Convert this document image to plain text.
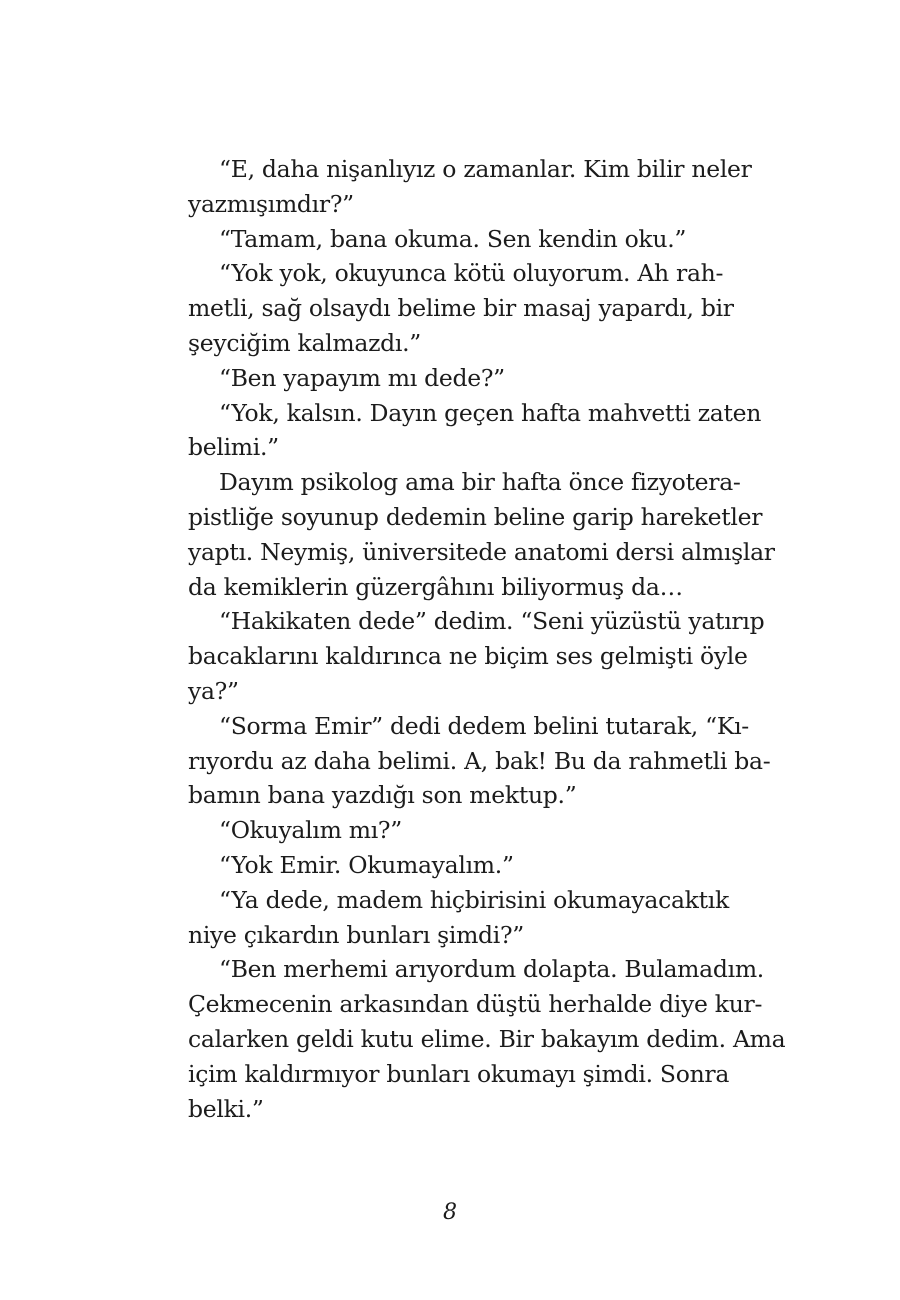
“E, daha nişanlıyız o zamanlar. Kim bilir neler
yazmışımdır?”
“Tamam, bana okuma. Sen kendin oku.”
“Yok yok, okuyunca kötü oluyorum. Ah rah-
metli, sağ olsaydı belime bir masaj yapardı, bir
şeyciğim kalmazdı.”
“Ben yapayım mı dede?”
“Yok, kalsın. Dayın geçen hafta mahvetti zaten
belimi.”
Dayım psikolog ama bir hafta önce fizyotera-
pistliğe soyunup dedemin beline garip hareketler
yaptı. Neymiş, üniversitede anatomi dersi almışlar
da kemiklerin güzergâhını biliyormuş da…
“Hakikaten dede” dedim. “Seni yüzüstü yatırıp
bacaklarını kaldırınca ne biçim ses gelmişti öyle
ya?”
“Sorma Emir” dedi dedem belini tutarak, “Kı-
rıyordu az daha belimi. A, bak! Bu da rahmetli ba-
bamın bana yazdığı son mektup.”
“Okuyalım mı?”
“Yok Emir. Okumayalım.”
“Ya dede, madem hiçbirisini okumayacaktık
niye çıkardın bunları şimdi?”
“Ben merhemi arıyordum dolapta. Bulamadım.
Çekmecenin arkasından düştü herhalde diye kur-
calarken geldi kutu elime. Bir bakayım dedim. Ama
içim kaldırmıyor bunları okumayı şimdi. Sonra
belki.”
8
